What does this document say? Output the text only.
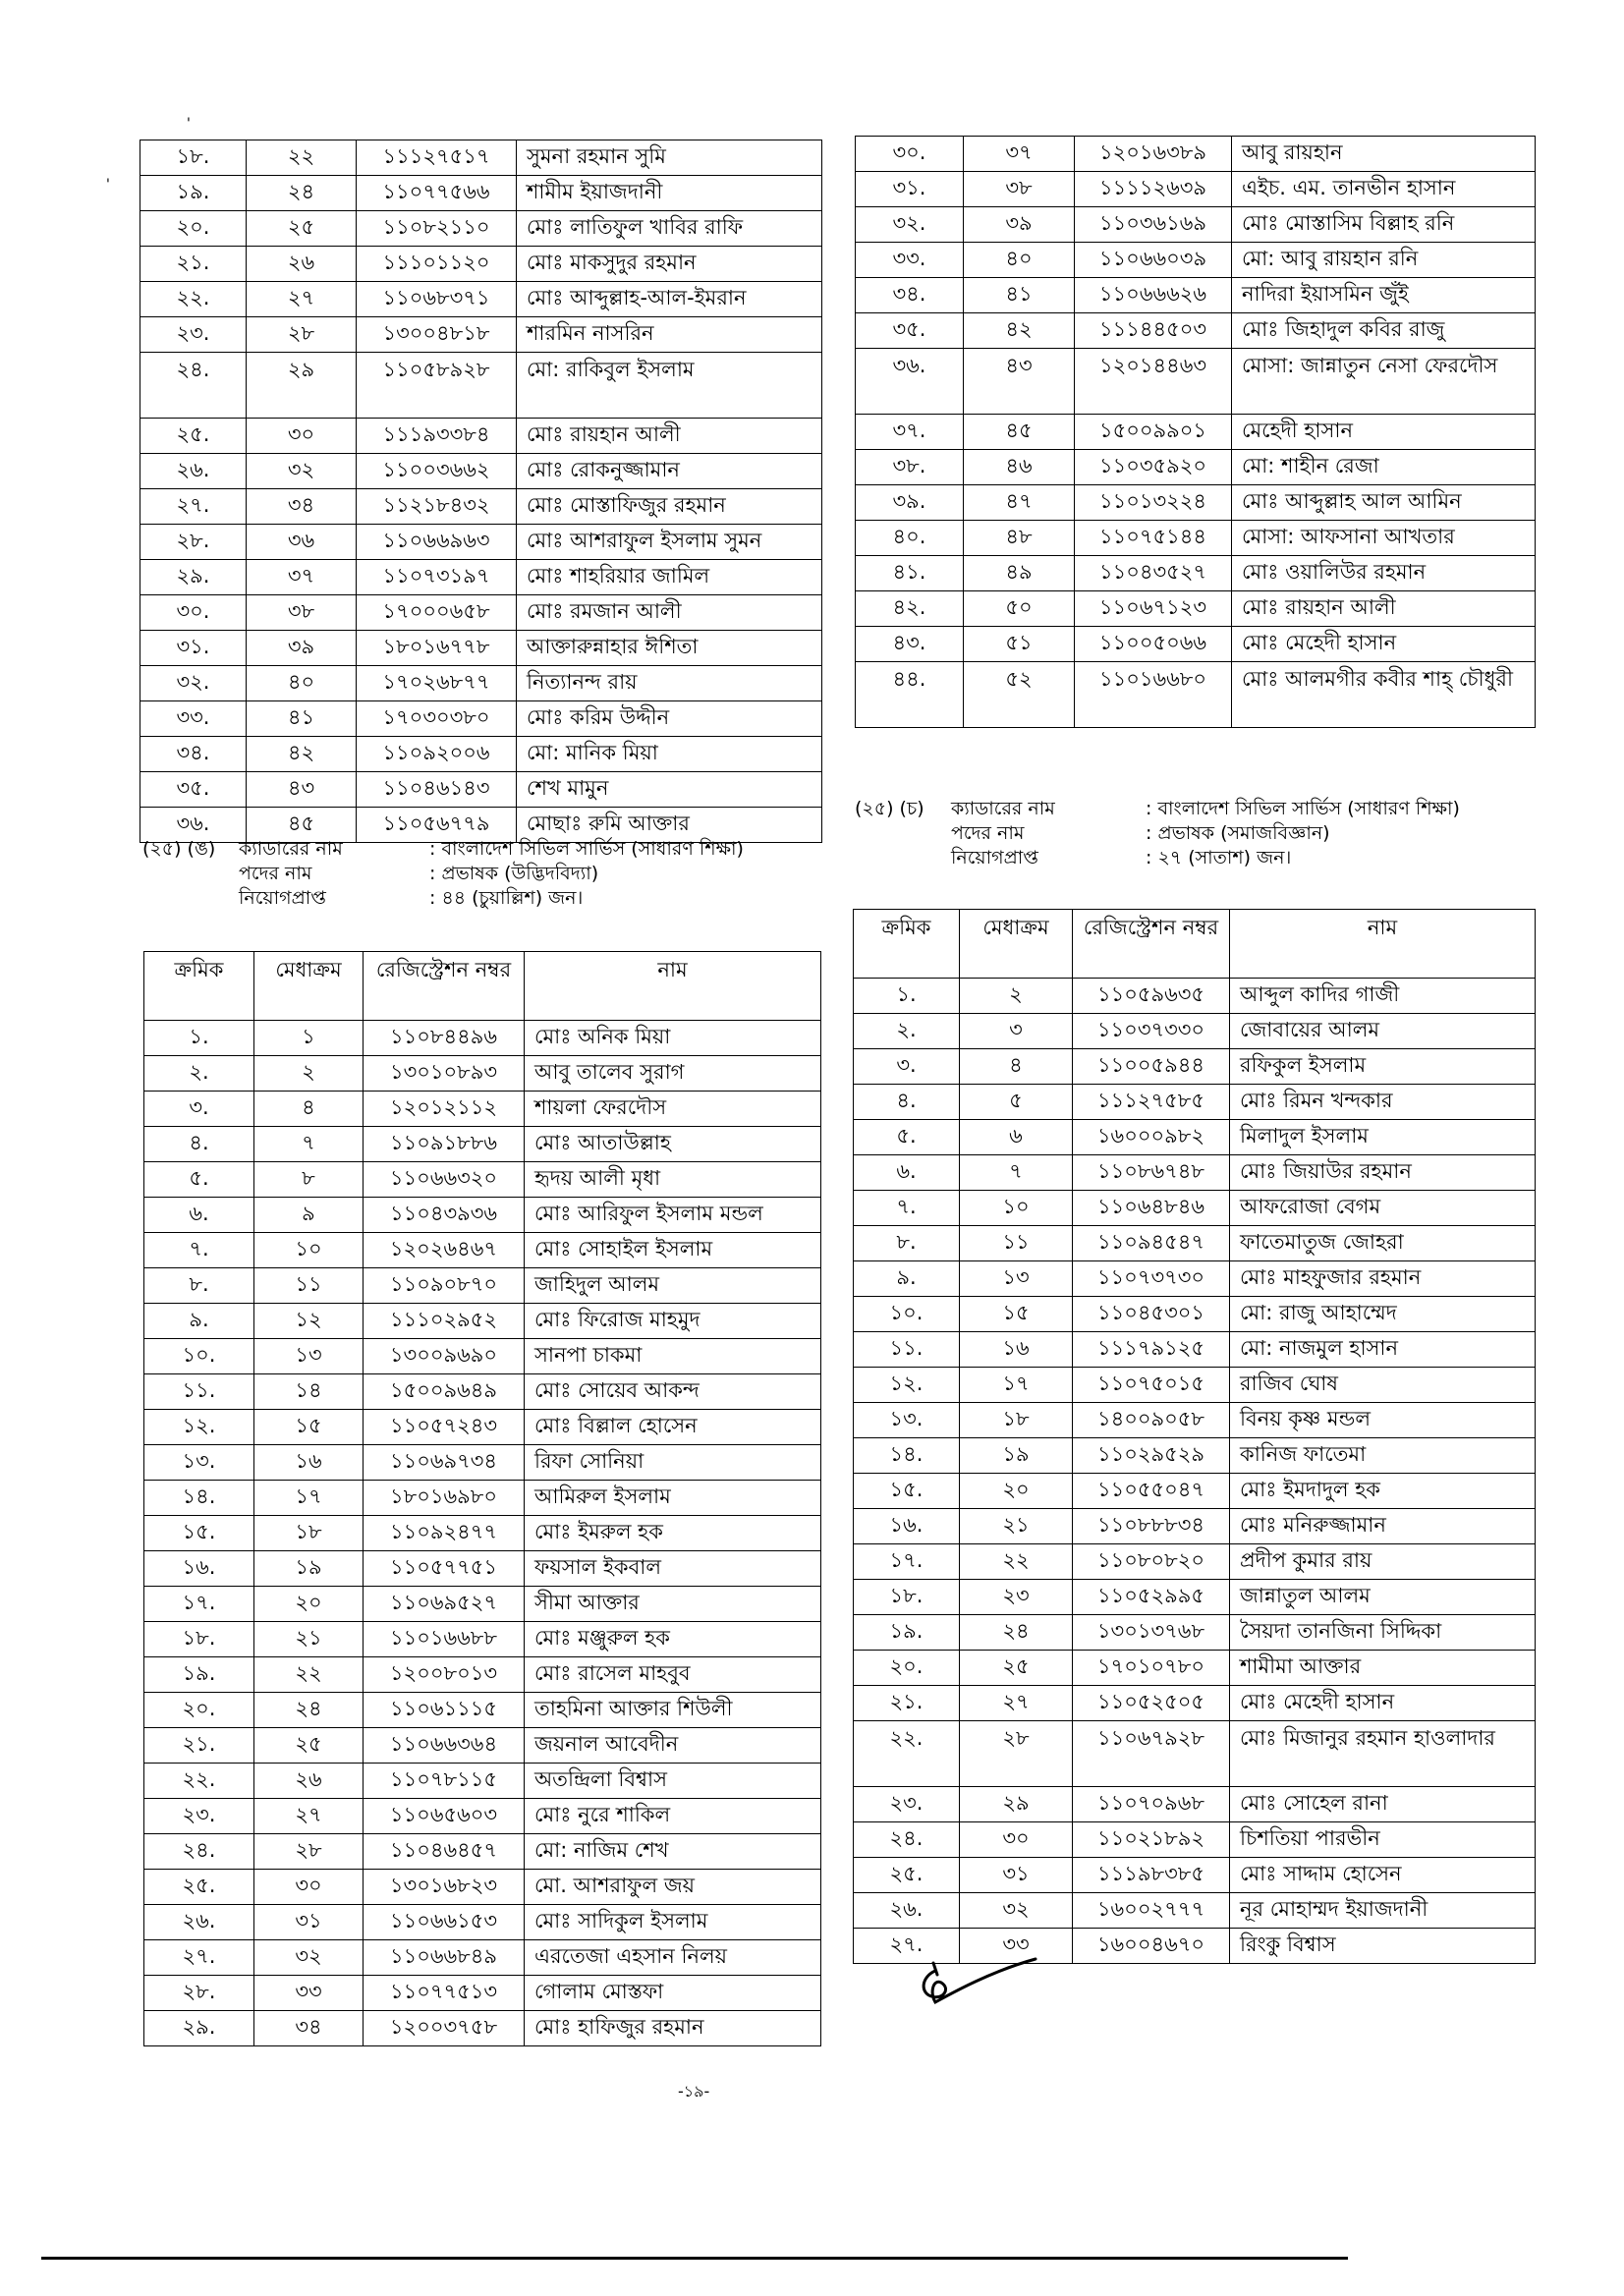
'
'
১৮.	২২	১১১২৭৫১৭	সুমনা রহমান সুমি
১৯.	২৪	১১০৭৭৫৬৬	শামীম ইয়াজদানী
২০.	২৫	১১০৮২১১০	মোঃ লাতিফুল খাবির রাফি
২১.	২৬	১১১০১১২০	মোঃ মাকসুদুর রহমান
২২.	২৭	১১০৬৮৩৭১	মোঃ আব্দুল্লাহ-আল-ইমরান
২৩.	২৮	১৩০০৪৮১৮	শারমিন নাসরিন
২৪.	২৯	১১০৫৮৯২৮	মো: রাকিবুল ইসলাম
২৫.	৩০	১১১৯৩৩৮৪	মোঃ রায়হান আলী
২৬.	৩২	১১০০৩৬৬২	মোঃ রোকনুজ্জামান
২৭.	৩৪	১১২১৮৪৩২	মোঃ মোস্তাফিজুর রহমান
২৮.	৩৬	১১০৬৬৯৬৩	মোঃ আশরাফুল ইসলাম সুমন
২৯.	৩৭	১১০৭৩১৯৭	মোঃ শাহরিয়ার জামিল
৩০.	৩৮	১৭০০০৬৫৮	মোঃ রমজান আলী
৩১.	৩৯	১৮০১৬৭৭৮	আক্তারুন্নাহার ঈশিতা
৩২.	৪০	১৭০২৬৮৭৭	নিত্যানন্দ রায়
৩৩.	৪১	১৭০৩০৩৮০	মোঃ করিম উদ্দীন
৩৪.	৪২	১১০৯২০০৬	মো: মানিক মিয়া
৩৫.	৪৩	১১০৪৬১৪৩	শেখ মামুন
৩৬.	৪৫	১১০৫৬৭৭৯	মোছাঃ রুমি আক্তার
৩০.	৩৭	১২০১৬৩৮৯	আবু রায়হান
৩১.	৩৮	১১১১২৬৩৯	এইচ. এম. তানভীন হাসান
৩২.	৩৯	১১০৩৬১৬৯	মোঃ মোস্তাসিম বিল্লাহ রনি
৩৩.	৪০	১১০৬৬০৩৯	মো: আবু রায়হান রনি
৩৪.	৪১	১১০৬৬৬২৬	নাদিরা ইয়াসমিন জুঁই
৩৫.	৪২	১১১৪৪৫০৩	মোঃ জিহাদুল কবির রাজু
৩৬.	৪৩	১২০১৪৪৬৩	মোসা: জান্নাতুন নেসা ফেরদৌস
৩৭.	৪৫	১৫০০৯৯০১	মেহেদী হাসান
৩৮.	৪৬	১১০৩৫৯২০	মো: শাহীন রেজা
৩৯.	৪৭	১১০১৩২২৪	মোঃ আব্দুল্লাহ আল আমিন
৪০.	৪৮	১১০৭৫১৪৪	মোসা: আফসানা আখতার
৪১.	৪৯	১১০৪৩৫২৭	মোঃ ওয়ালিউর রহমান
৪২.	৫০	১১০৬৭১২৩	মোঃ রায়হান আলী
৪৩.	৫১	১১০০৫০৬৬	মোঃ মেহেদী হাসান
৪৪.	৫২	১১০১৬৬৮০	মোঃ আলমগীর কবীর শাহ্ চৌধুরী
(২৫) (ঙ) ক্যাডারের নাম	: বাংলাদেশ সিভিল সার্ভিস (সাধারণ শিক্ষা)
পদের নাম	: প্রভাষক (উদ্ভিদবিদ্যা)
নিয়োগপ্রাপ্ত	: ৪৪ (চুয়াল্লিশ) জন।
(২৫) (চ) ক্যাডারের নাম	: বাংলাদেশ সিভিল সার্ভিস (সাধারণ শিক্ষা)
পদের নাম	: প্রভাষক (সমাজবিজ্ঞান)
নিয়োগপ্রাপ্ত	: ২৭ (সাতাশ) জন।
ক্রমিক	মেধাক্রম	রেজিস্ট্রেশন নম্বর	নাম
১.	১	১১০৮৪৪৯৬	মোঃ অনিক মিয়া
২.	২	১৩০১০৮৯৩	আবু তালেব সুরাগ
৩.	৪	১২০১২১১২	শায়লা ফেরদৌস
৪.	৭	১১০৯১৮৮৬	মোঃ আতাউল্লাহ
৫.	৮	১১০৬৬৩২০	হৃদয় আলী মৃধা
৬.	৯	১১০৪৩৯৩৬	মোঃ আরিফুল ইসলাম মন্ডল
৭.	১০	১২০২৬৪৬৭	মোঃ সোহাইল ইসলাম
৮.	১১	১১০৯০৮৭০	জাহিদুল আলম
৯.	১২	১১১০২৯৫২	মোঃ ফিরোজ মাহমুদ
১০.	১৩	১৩০০৯৬৯০	সানপা চাকমা
১১.	১৪	১৫০০৯৬৪৯	মোঃ সোয়েব আকন্দ
১২.	১৫	১১০৫৭২৪৩	মোঃ বিল্লাল হোসেন
১৩.	১৬	১১০৬৯৭৩৪	রিফা সোনিয়া
১৪.	১৭	১৮০১৬৯৮০	আমিরুল ইসলাম
১৫.	১৮	১১০৯২৪৭৭	মোঃ ইমরুল হক
১৬.	১৯	১১০৫৭৭৫১	ফয়সাল ইকবাল
১৭.	২০	১১০৬৯৫২৭	সীমা আক্তার
১৮.	২১	১১০১৬৬৮৮	মোঃ মঞ্জুরুল হক
১৯.	২২	১২০০৮০১৩	মোঃ রাসেল মাহবুব
২০.	২৪	১১০৬১১১৫	তাহমিনা আক্তার শিউলী
২১.	২৫	১১০৬৬৩৬৪	জয়নাল আবেদীন
২২.	২৬	১১০৭৮১১৫	অতন্দ্রিলা বিশ্বাস
২৩.	২৭	১১০৬৫৬০৩	মোঃ নুরে শাকিল
২৪.	২৮	১১০৪৬৪৫৭	মো: নাজিম শেখ
২৫.	৩০	১৩০১৬৮২৩	মো. আশরাফুল জয়
২৬.	৩১	১১০৬৬১৫৩	মোঃ সাদিকুল ইসলাম
২৭.	৩২	১১০৬৬৮৪৯	এরতেজা এহসান নিলয়
২৮.	৩৩	১১০৭৭৫১৩	গোলাম মোস্তফা
২৯.	৩৪	১২০০৩৭৫৮	মোঃ হাফিজুর রহমান
ক্রমিক	মেধাক্রম	রেজিস্ট্রেশন নম্বর	নাম
১.	২	১১০৫৯৬৩৫	আব্দুল কাদির গাজী
২.	৩	১১০৩৭৩৩০	জোবায়ের আলম
৩.	৪	১১০০৫৯৪৪	রফিকুল ইসলাম
৪.	৫	১১১২৭৫৮৫	মোঃ রিমন খন্দকার
৫.	৬	১৬০০০৯৮২	মিলাদুল ইসলাম
৬.	৭	১১০৮৬৭৪৮	মোঃ জিয়াউর রহমান
৭.	১০	১১০৬৪৮৪৬	আফরোজা বেগম
৮.	১১	১১০৯৪৫৪৭	ফাতেমাতুজ জোহরা
৯.	১৩	১১০৭৩৭৩০	মোঃ মাহফুজার রহমান
১০.	১৫	১১০৪৫৩০১	মো: রাজু আহাম্মেদ
১১.	১৬	১১১৭৯১২৫	মো: নাজমুল হাসান
১২.	১৭	১১০৭৫০১৫	রাজিব ঘোষ
১৩.	১৮	১৪০০৯০৫৮	বিনয় কৃষ্ণ মন্ডল
১৪.	১৯	১১০২৯৫২৯	কানিজ ফাতেমা
১৫.	২০	১১০৫৫০৪৭	মোঃ ইমদাদুল হক
১৬.	২১	১১০৮৮৮৩৪	মোঃ মনিরুজ্জামান
১৭.	২২	১১০৮০৮২০	প্রদীপ কুমার রায়
১৮.	২৩	১১০৫২৯৯৫	জান্নাতুল আলম
১৯.	২৪	১৩০১৩৭৬৮	সৈয়দা তানজিনা সিদ্দিকা
২০.	২৫	১৭০১০৭৮০	শামীমা আক্তার
২১.	২৭	১১০৫২৫০৫	মোঃ মেহেদী হাসান
২২.	২৮	১১০৬৭৯২৮	মোঃ মিজানুর রহমান হাওলাদার
২৩.	২৯	১১০৭০৯৬৮	মোঃ সোহেল রানা
২৪.	৩০	১১০২১৮৯২	চিশতিয়া পারভীন
২৫.	৩১	১১১৯৮৩৮৫	মোঃ সাদ্দাম হোসেন
২৬.	৩২	১৬০০২৭৭৭	নূর মোহাম্মদ ইয়াজদানী
২৭.	৩৩	১৬০০৪৬৭০	রিংকু বিশ্বাস
-১৯-
